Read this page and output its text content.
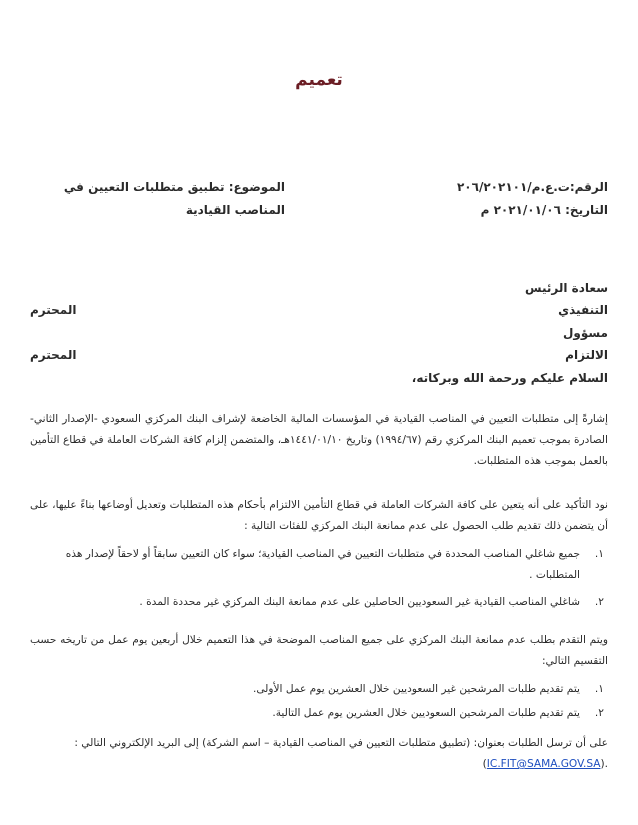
تعميم
الموضوع: تطبيق متطلبات التعيين في
المناصب القيادية
الرقم:ت.ع.م/٢٠٦/٢٠٢١٠١
التاريخ: ٢٠٢١/٠١/٠٦ م
سعادة الرئيس
التنفيذي
المحترم
مسؤول
الالتزام
المحترم
السلام عليكم ورحمة الله وبركاته،
إشارةً إلى متطلبات التعيين في المناصب القيادية في المؤسسات المالية الخاضعة لإشراف البنك المركزي السعودي -الإصدار الثاني- الصادرة بموجب تعميم البنك المركزي رقم (١٩٩٤/٦٧) وتاريخ ١٤٤١/٠١/١٠هـ، والمتضمن إلزام كافة الشركات العاملة في قطاع التأمين بالعمل بموجب هذه المتطلبات.
نود التأكيد على أنه يتعين على كافة الشركات العاملة في قطاع التأمين الالتزام بأحكام هذه المتطلبات وتعديل أوضاعها بناءً عليها، على أن يتضمن ذلك تقديم طلب الحصول على عدم ممانعة البنك المركزي للفئات التالية :
١.
جميع شاغلي المناصب المحددة في متطلبات التعيين في المناصب القيادية؛ سواء كان التعيين سابقاً أو لاحقاً لإصدار هذه المتطلبات .
٢.
شاغلي المناصب القيادية غير السعوديين الحاصلين على عدم ممانعة البنك المركزي غير محددة المدة .
ويتم التقدم بطلب عدم ممانعة البنك المركزي على جميع المناصب الموضحة في هذا التعميم خلال أربعين يوم عمل من تاريخه حسب التقسيم التالي:
١.
يتم تقديم طلبات المرشحين غير السعوديين خلال العشرين يوم عمل الأولى.
٢.
يتم تقديم طلبات المرشحين السعوديين خلال العشرين يوم عمل التالية.
على أن ترسل الطلبات بعنوان: (تطبيق متطلبات التعيين في المناصب القيادية – اسم الشركة) إلى البريد الإلكتروني التالي :
(IC.FIT@SAMA.GOV.SA).
